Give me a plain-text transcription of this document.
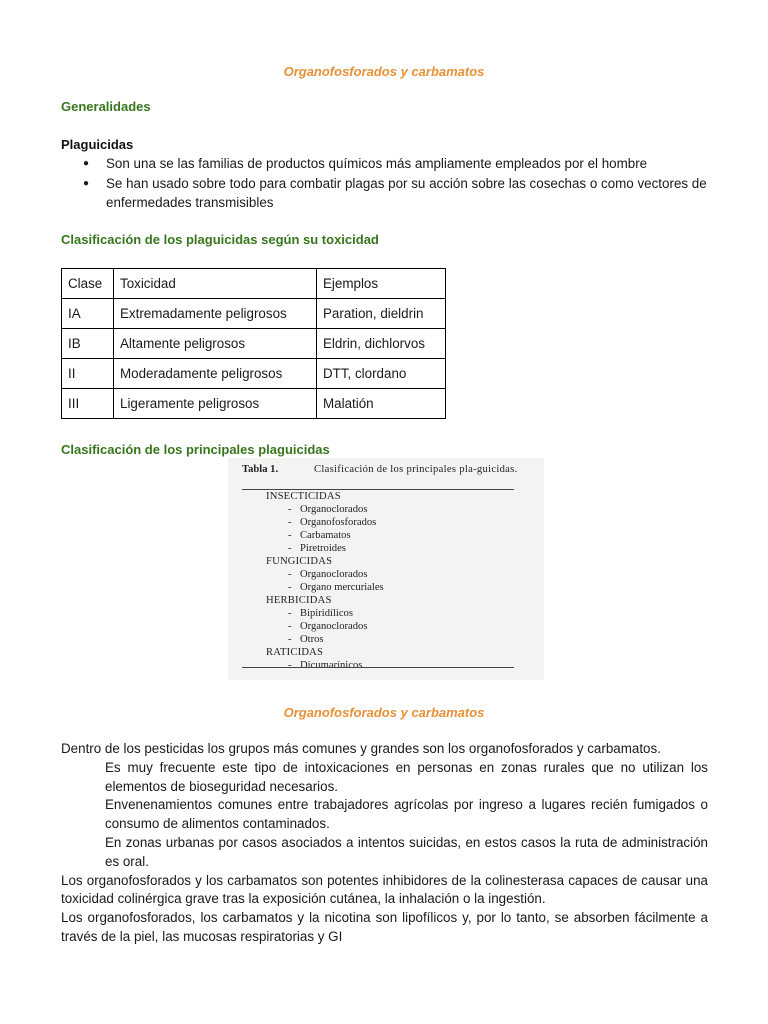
Organofosforados y carbamatos
Generalidades
Plaguicidas
● Son una se las familias de productos químicos más ampliamente empleados por el hombre
● Se han usado sobre todo para combatir plagas por su acción sobre las cosechas o como vectores de enfermedades transmisibles
Clasificación de los plaguicidas según su toxicidad
Clase	Toxicidad	Ejemplos
IA	Extremadamente peligrosos	Paration, dieldrin
IB	Altamente peligrosos	Eldrin, dichlorvos
II	Moderadamente peligrosos	DTT, clordano
III	Ligeramente peligrosos	Malatión
Clasificación de los principales plaguicidas
Tabla 1.	Clasificación de los principales pla-guicidas.
INSECTICIDAS
- Organoclorados
- Organofosforados
- Carbamatos
- Piretroides
FUNGICIDAS
- Organoclorados
- Organo mercuriales
HERBICIDAS
- Bipiridílicos
- Organoclorados
- Otros
RATICIDAS
- Dicumarínicos
Organofosforados y carbamatos

Dentro de los pesticidas los grupos más comunes y grandes son los organofosforados y carbamatos.

Es muy frecuente este tipo de intoxicaciones en personas en zonas rurales que no utilizan los elementos de bioseguridad necesarios.

Envenenamientos comunes entre trabajadores agrícolas por ingreso a lugares recién fumigados o consumo de alimentos contaminados.

En zonas urbanas por casos asociados a intentos suicidas, en estos casos la ruta de administración es oral.

Los organofosforados y los carbamatos son potentes inhibidores de la colinesterasa capaces de causar una toxicidad colinérgica grave tras la exposición cutánea, la inhalación o la ingestión.

Los organofosforados, los carbamatos y la nicotina son lipofílicos y, por lo tanto, se absorben fácilmente a través de la piel, las mucosas respiratorias y GI
